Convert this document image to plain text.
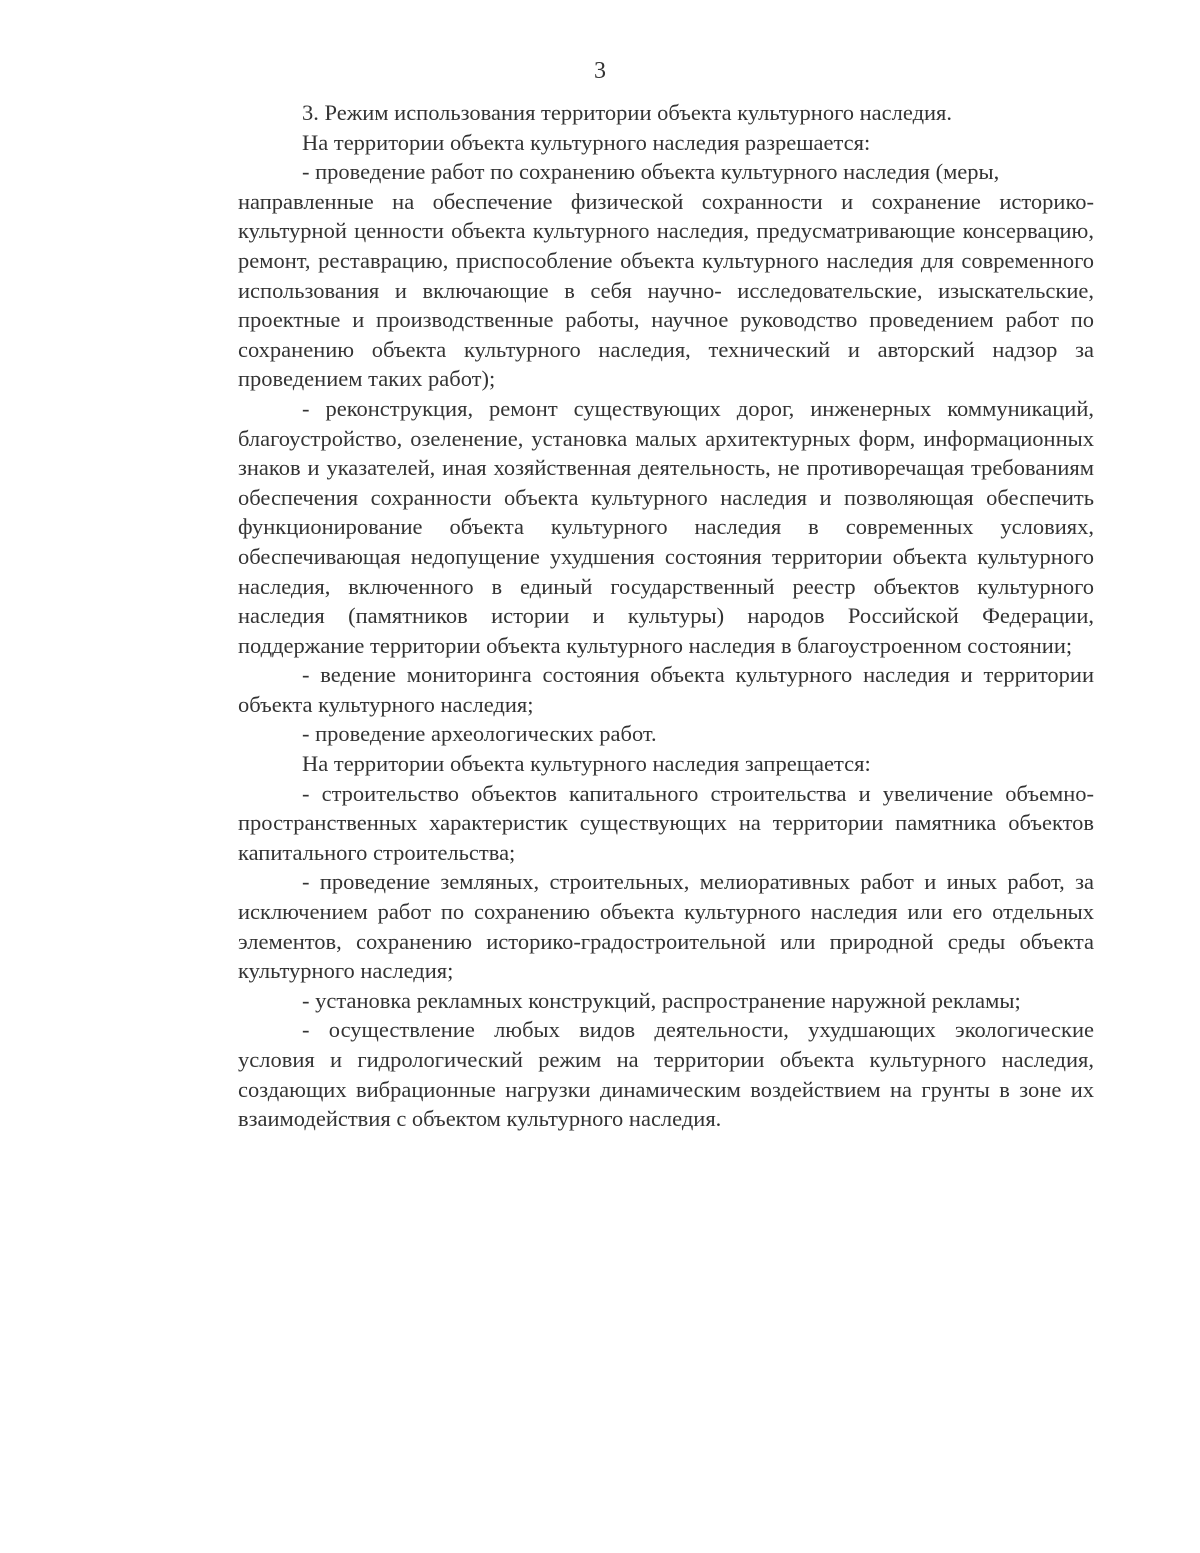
3

3. Режим использования территории объекта культурного наследия.

На территории объекта культурного наследия разрешается:

- проведение работ по сохранению объекта культурного наследия (меры,

направленные на обеспечение физической сохранности и сохранение историко-культурной ценности объекта культурного наследия, предусматривающие консервацию, ремонт, реставрацию, приспособление объекта культурного наследия для современного использования и включающие в себя научно- исследовательские, изыскательские, проектные и производственные работы, научное руководство проведением работ по сохранению объекта культурного наследия, технический и авторский надзор за проведением таких работ);

- реконструкция, ремонт существующих дорог, инженерных коммуникаций, благоустройство, озеленение, установка малых архитектурных форм, информационных знаков и указателей, иная хозяйственная деятельность, не противоречащая требованиям обеспечения сохранности объекта культурного наследия и позволяющая обеспечить функционирование объекта культурного наследия в современных условиях, обеспечивающая недопущение ухудшения состояния территории объекта культурного наследия, включенного в единый государственный реестр объектов культурного наследия (памятников истории и культуры) народов Российской Федерации, поддержание территории объекта культурного наследия в благоустроенном состоянии;

- ведение мониторинга состояния объекта культурного наследия и территории объекта культурного наследия;

- проведение археологических работ.

На территории объекта культурного наследия запрещается:

- строительство объектов капитального строительства и увеличение объемно-пространственных характеристик существующих на территории памятника объектов капитального строительства;

- проведение земляных, строительных, мелиоративных работ и иных работ, за исключением работ по сохранению объекта культурного наследия или его отдельных элементов, сохранению историко-градостроительной или природной среды объекта культурного наследия;

- установка рекламных конструкций, распространение наружной рекламы;

- осуществление любых видов деятельности, ухудшающих экологические условия и гидрологический режим на территории объекта культурного наследия, создающих вибрационные нагрузки динамическим воздействием на грунты в зоне их взаимодействия с объектом культурного наследия.
